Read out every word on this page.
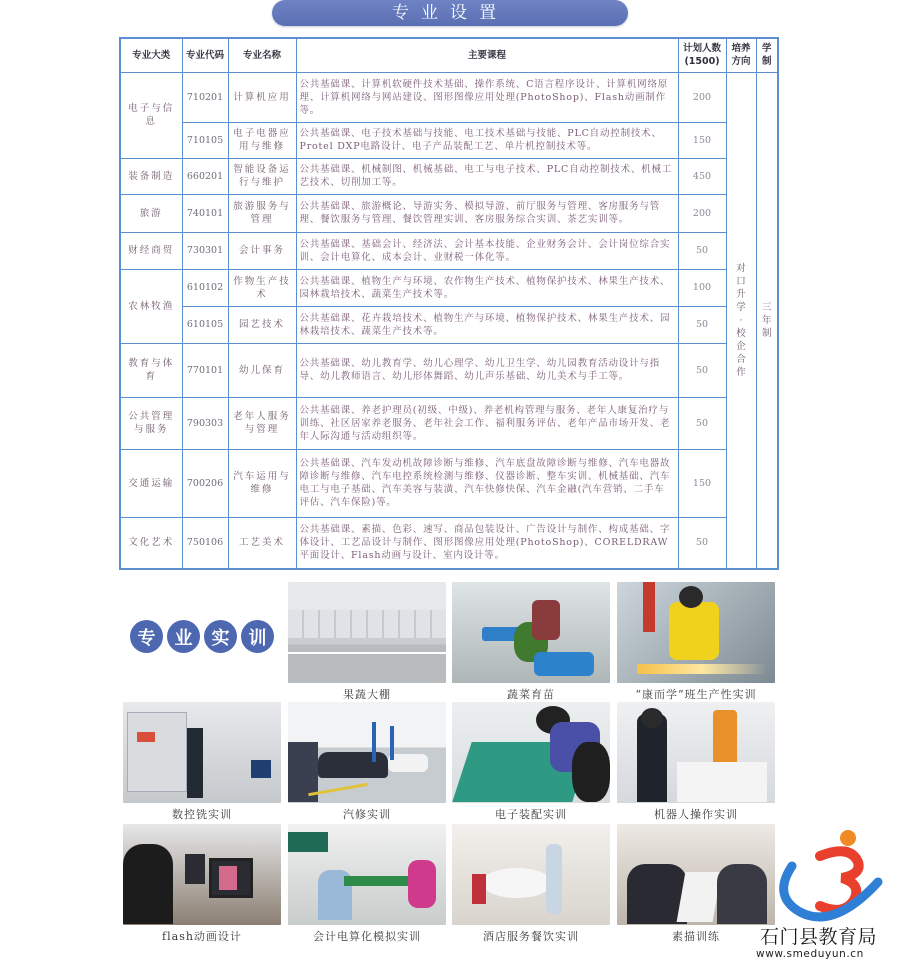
专业设置
专业大类	专业代码	专业名称	主要课程	计划人数(1500)	培养方向	学制
电子与信息	710201	计算机应用	公共基础课、计算机软硬件技术基础、操作系统、C语言程序设计、计算机网络原理、计算机网络与网站建设、图形图像应用处理(PhotoShop)、Flash动画制作等。	200	对口升学·校企合作	三年制
	710105	电子电器应用与维修	公共基础课、电子技术基础与技能、电工技术基础与技能、PLC自动控制技术、Protel DXP电路设计、电子产品装配工艺、单片机控制技术等。	150		
装备制造	660201	智能设备运行与维护	公共基础课、机械制图、机械基础、电工与电子技术、PLC自动控制技术、机械工艺技术、切削加工等。	450		
旅游	740101	旅游服务与管理	公共基础课、旅游概论、导游实务、模拟导游、前厅服务与管理、客房服务与管理、餐饮服务与管理、餐饮管理实训、客房服务综合实训、茶艺实训等。	200		
财经商贸	730301	会计事务	公共基础课、基础会计、经济法、会计基本技能、企业财务会计、会计岗位综合实训、会计电算化、成本会计、业财税一体化等。	50		
农林牧渔	610102	作物生产技术	公共基础课、植物生产与环境、农作物生产技术、植物保护技术、林果生产技术、园林栽培技术、蔬菜生产技术等。	100		
	610105	园艺技术	公共基础课、花卉栽培技术、植物生产与环境、植物保护技术、林果生产技术、园林栽培技术、蔬菜生产技术等。	50		
教育与体育	770101	幼儿保育	公共基础课、幼儿教育学、幼儿心理学、幼儿卫生学、幼儿园教育活动设计与指导、幼儿教师语言、幼儿形体舞蹈、幼儿声乐基础、幼儿美术与手工等。	50		
公共管理与服务	790303	老年人服务与管理	公共基础课、养老护理员(初级、中级)、养老机构管理与服务、老年人康复治疗与训练、社区居家养老服务、老年社会工作、福利服务评估、老年产品市场开发、老年人际沟通与活动组织等。	50		
交通运输	700206	汽车运用与维修	公共基础课、汽车发动机故障诊断与维修、汽车底盘故障诊断与维修、汽车电器故障诊断与维修、汽车电控系统检测与维修、仪器诊断、整车实训、机械基础、汽车电工与电子基础、汽车美容与装潢、汽车快修快保、汽车金融(汽车营销、二手车评估、汽车保险)等。	150		
文化艺术	750106	工艺美术	公共基础课、素描、色彩、速写、商品包装设计、广告设计与制作、构成基础、字体设计、工艺品设计与制作、图形图像应用处理(PhotoShop)、CORELDRAW平面设计、Flash动画与设计、室内设计等。	50		
专	业	实	训
果蔬大棚	蔬菜育苗	“康而学”班生产性实训
数控铣实训	汽修实训	电子装配实训	机器人操作实训
flash动画设计	会计电算化模拟实训	酒店服务餐饮实训	素描训练	石门县教育局
www.smeduyun.cn
